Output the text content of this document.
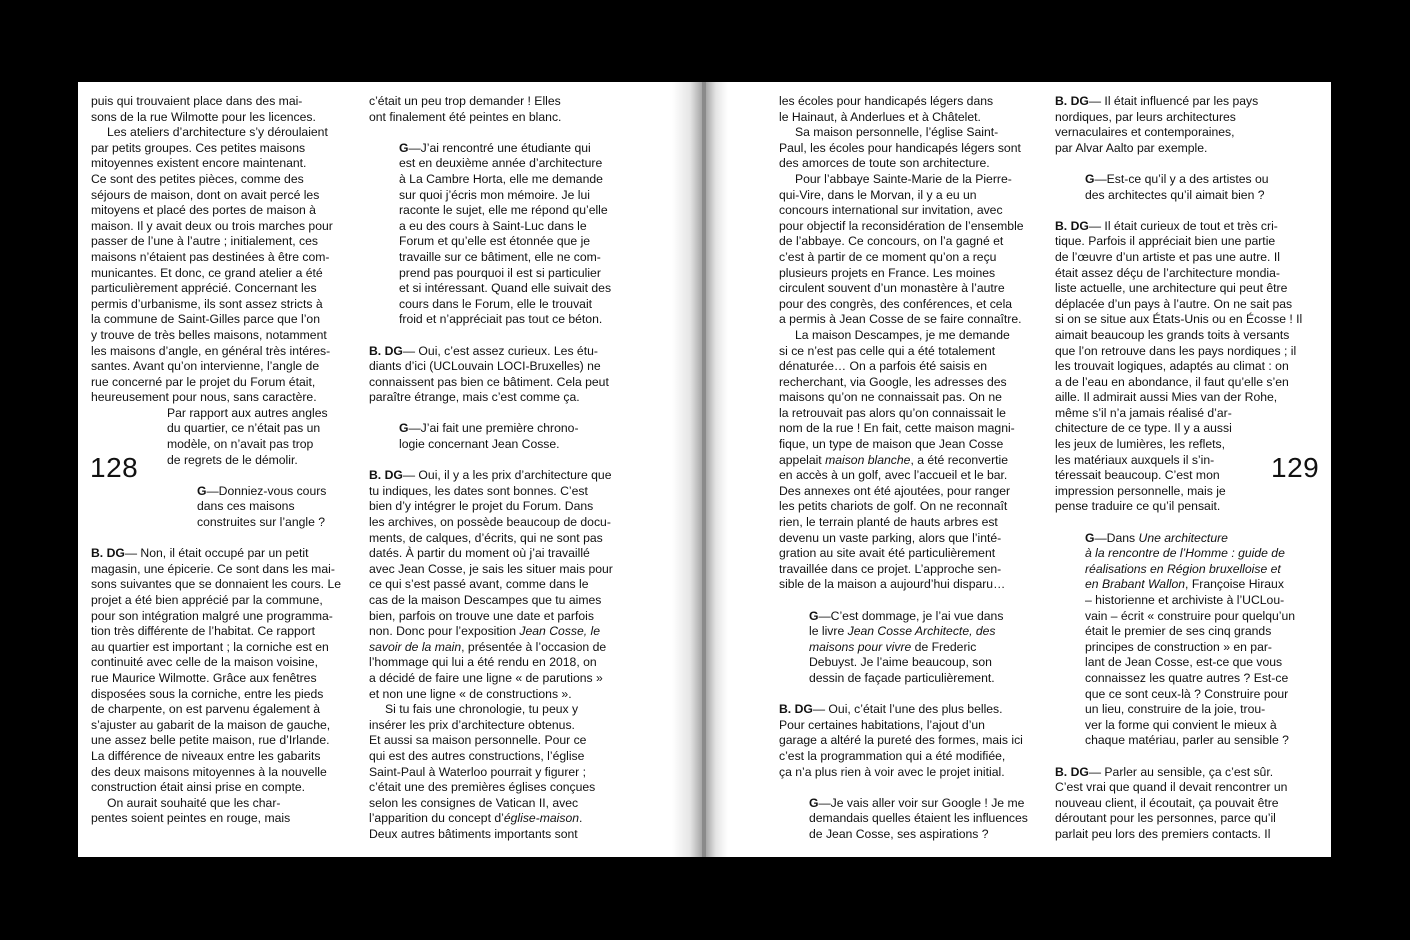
puis qui trouvaient place dans des mai-

sons de la rue Wilmotte pour les licences.

Les ateliers d’architecture s’y déroulaient

par petits groupes. Ces petites maisons

mitoyennes existent encore maintenant.

Ce sont des petites pièces, comme des

séjours de maison, dont on avait percé les

mitoyens et placé des portes de maison à

maison. Il y avait deux ou trois marches pour

passer de l’une à l’autre ; initialement, ces

maisons n’étaient pas destinées à être com-

municantes. Et donc, ce grand atelier a été

particulièrement apprécié. Concernant les

permis d’urbanisme, ils sont assez stricts à

la commune de Saint-Gilles parce que l’on

y trouve de très belles maisons, notamment

les maisons d’angle, en général très intéres-

santes. Avant qu’on intervienne, l’angle de

rue concerné par le projet du Forum était,

heureusement pour nous, sans caractère.

Par rapport aux autres angles

du quartier, ce n’était pas un

modèle, on n’avait pas trop

de regrets de le démolir.

G—Donniez-vous cours

dans ces maisons

construites sur l’angle ?

B. DG— Non, il était occupé par un petit

magasin, une épicerie. Ce sont dans les mai-

sons suivantes que se donnaient les cours. Le

projet a été bien apprécié par la commune,

pour son intégration malgré une programma-

tion très différente de l’habitat. Ce rapport

au quartier est important ; la corniche est en

continuité avec celle de la maison voisine,

rue Maurice Wilmotte. Grâce aux fenêtres

disposées sous la corniche, entre les pieds

de charpente, on est parvenu également à

s’ajuster au gabarit de la maison de gauche,

une assez belle petite maison, rue d’Irlande.

La différence de niveaux entre les gabarits

des deux maisons mitoyennes à la nouvelle

construction était ainsi prise en compte.

On aurait souhaité que les char-

pentes soient peintes en rouge, mais

128

c’était un peu trop demander ! Elles

ont finalement été peintes en blanc.

G—J’ai rencontré une étudiante qui

est en deuxième année d’architecture

à La Cambre Horta, elle me demande

sur quoi j’écris mon mémoire. Je lui

raconte le sujet, elle me répond qu’elle

a eu des cours à Saint-Luc dans le

Forum et qu’elle est étonnée que je

travaille sur ce bâtiment, elle ne com-

prend pas pourquoi il est si particulier

et si intéressant. Quand elle suivait des

cours dans le Forum, elle le trouvait

froid et n’appréciait pas tout ce béton.

B. DG— Oui, c’est assez curieux. Les étu-

diants d’ici (UCLouvain LOCI-Bruxelles) ne

connaissent pas bien ce bâtiment. Cela peut

paraître étrange, mais c’est comme ça.

G—J’ai fait une première chrono-

logie concernant Jean Cosse.

B. DG— Oui, il y a les prix d’architecture que

tu indiques, les dates sont bonnes. C’est

bien d’y intégrer le projet du Forum. Dans

les archives, on possède beaucoup de docu-

ments, de calques, d’écrits, qui ne sont pas

datés. À partir du moment où j’ai travaillé

avec Jean Cosse, je sais les situer mais pour

ce qui s’est passé avant, comme dans le

cas de la maison Descampes que tu aimes

bien, parfois on trouve une date et parfois

non. Donc pour l’exposition Jean Cosse, le

savoir de la main, présentée à l’occasion de

l’hommage qui lui a été rendu en 2018, on

a décidé de faire une ligne « de parutions »

et non une ligne « de constructions ».

Si tu fais une chronologie, tu peux y

insérer les prix d’architecture obtenus.

Et aussi sa maison personnelle. Pour ce

qui est des autres constructions, l’église

Saint-Paul à Waterloo pourrait y figurer ;

c’était une des premières églises conçues

selon les consignes de Vatican II, avec

l’apparition du concept d’église-maison.

Deux autres bâtiments importants sont

les écoles pour handicapés légers dans

le Hainaut, à Anderlues et à Châtelet.

Sa maison personnelle, l’église Saint-

Paul, les écoles pour handicapés légers sont

des amorces de toute son architecture.

Pour l’abbaye Sainte-Marie de la Pierre-

qui-Vire, dans le Morvan, il y a eu un

concours international sur invitation, avec

pour objectif la reconsidération de l’ensemble

de l’abbaye. Ce concours, on l’a gagné et

c’est à partir de ce moment qu’on a reçu

plusieurs projets en France. Les moines

circulent souvent d’un monastère à l’autre

pour des congrès, des conférences, et cela

a permis à Jean Cosse de se faire connaître.

La maison Descampes, je me demande

si ce n’est pas celle qui a été totalement

dénaturée… On a parfois été saisis en

recherchant, via Google, les adresses des

maisons qu’on ne connaissait pas. On ne

la retrouvait pas alors qu’on connaissait le

nom de la rue ! En fait, cette maison magni-

fique, un type de maison que Jean Cosse

appelait maison blanche, a été reconvertie

en accès à un golf, avec l’accueil et le bar.

Des annexes ont été ajoutées, pour ranger

les petits chariots de golf. On ne reconnaît

rien, le terrain planté de hauts arbres est

devenu un vaste parking, alors que l’inté-

gration au site avait été particulièrement

travaillée dans ce projet. L’approche sen-

sible de la maison a aujourd’hui disparu…

G—C’est dommage, je l’ai vue dans

le livre Jean Cosse Architecte, des

maisons pour vivre de Frederic

Debuyst. Je l’aime beaucoup, son

dessin de façade particulièrement.

B. DG— Oui, c’était l’une des plus belles.

Pour certaines habitations, l’ajout d’un

garage a altéré la pureté des formes, mais ici

c’est la programmation qui a été modifiée,

ça n’a plus rien à voir avec le projet initial.

G—Je vais aller voir sur Google ! Je me

demandais quelles étaient les influences

de Jean Cosse, ses aspirations ?

B. DG— Il était influencé par les pays

nordiques, par leurs architectures

vernaculaires et contemporaines,

par Alvar Aalto par exemple.

G—Est-ce qu’il y a des artistes ou

des architectes qu’il aimait bien ?

B. DG— Il était curieux de tout et très cri-

tique. Parfois il appréciait bien une partie

de l’œuvre d’un artiste et pas une autre. Il

était assez déçu de l’architecture mondia-

liste actuelle, une architecture qui peut être

déplacée d’un pays à l’autre. On ne sait pas

si on se situe aux États-Unis ou en Écosse ! Il

aimait beaucoup les grands toits à versants

que l’on retrouve dans les pays nordiques ; il

les trouvait logiques, adaptés au climat : on

a de l’eau en abondance, il faut qu’elle s’en

aille. Il admirait aussi Mies van der Rohe,

même s’il n’a jamais réalisé d’ar-

chitecture de ce type. Il y a aussi

les jeux de lumières, les reflets,

les matériaux auxquels il s’in-

téressait beaucoup. C’est mon

impression personnelle, mais je

pense traduire ce qu’il pensait.

G—Dans Une architecture

à la rencontre de l’Homme : guide de

réalisations en Région bruxelloise et

en Brabant Wallon, Françoise Hiraux

– historienne et archiviste à l’UCLou-

vain – écrit « construire pour quelqu’un

était le premier de ses cinq grands

principes de construction » en par-

lant de Jean Cosse, est-ce que vous

connaissez les quatre autres ? Est-ce

que ce sont ceux-là ? Construire pour

un lieu, construire de la joie, trou-

ver la forme qui convient le mieux à

chaque matériau, parler au sensible ?

B. DG— Parler au sensible, ça c’est sûr.

C’est vrai que quand il devait rencontrer un

nouveau client, il écoutait, ça pouvait être

déroutant pour les personnes, parce qu’il

parlait peu lors des premiers contacts. Il

129
